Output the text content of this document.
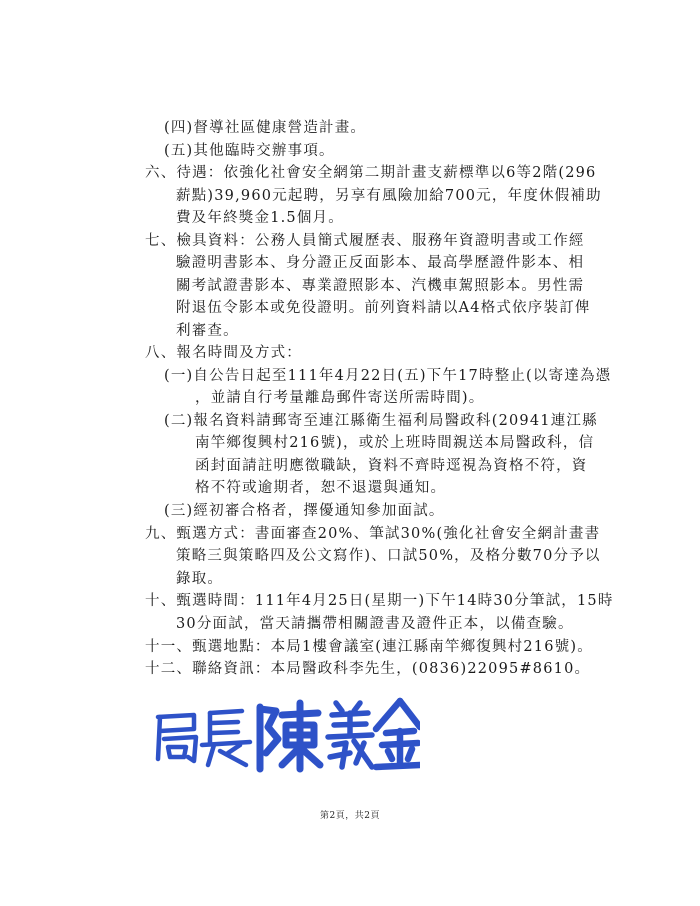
(四)督導社區健康營造計畫。
(五)其他臨時交辦事項。
六、待遇：依強化社會安全網第二期計畫支薪標準以6等2階(296
薪點)39,960元起聘，另享有風險加給700元，年度休假補助
費及年終獎金1.5個月。
七、檢具資料：公務人員簡式履歷表、服務年資證明書或工作經
驗證明書影本、身分證正反面影本、最高學歷證件影本、相
關考試證書影本、專業證照影本、汽機車駕照影本。男性需
附退伍令影本或免役證明。前列資料請以A4格式依序裝訂俾
利審查。
八、報名時間及方式：
(一)自公告日起至111年4月22日(五)下午17時整止(以寄達為憑
，並請自行考量離島郵件寄送所需時間)。
(二)報名資料請郵寄至連江縣衛生福利局醫政科(20941連江縣
南竿鄉復興村216號)，或於上班時間親送本局醫政科，信
函封面請註明應徵職缺，資料不齊時逕視為資格不符，資
格不符或逾期者，恕不退還與通知。
(三)經初審合格者，擇優通知參加面試。
九、甄選方式：書面審查20%、筆試30%(強化社會安全網計畫書
策略三與策略四及公文寫作)、口試50%，及格分數70分予以
錄取。
十、甄選時間：111年4月25日(星期一)下午14時30分筆試，15時
30分面試，當天請攜帶相關證書及證件正本，以備查驗。
十一、甄選地點：本局1樓會議室(連江縣南竿鄉復興村216號)。
十二、聯絡資訊：本局醫政科李先生，(0836)22095#8610。
第2頁，共2頁
